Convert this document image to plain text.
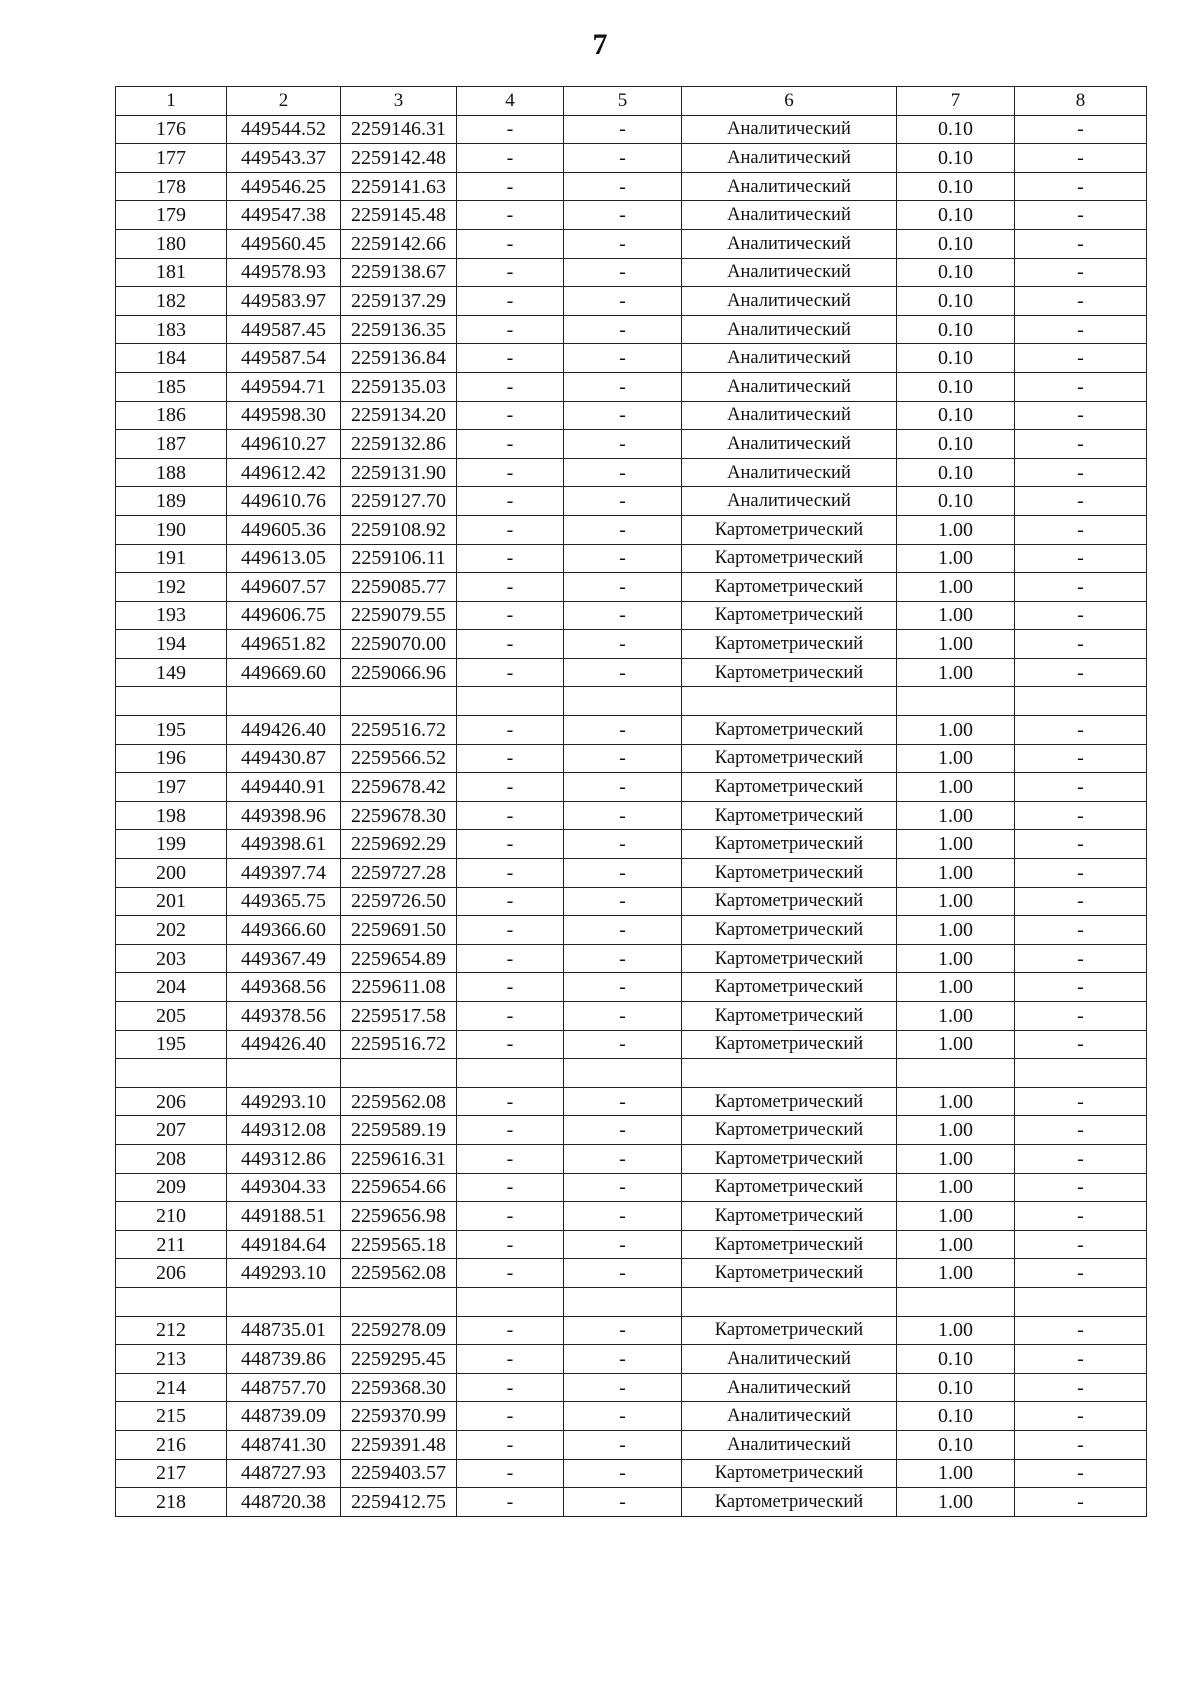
7
1	2	3	4	5	6	7	8
176	449544.52	2259146.31	-	-	Аналитический	0.10	-
177	449543.37	2259142.48	-	-	Аналитический	0.10	-
178	449546.25	2259141.63	-	-	Аналитический	0.10	-
179	449547.38	2259145.48	-	-	Аналитический	0.10	-
180	449560.45	2259142.66	-	-	Аналитический	0.10	-
181	449578.93	2259138.67	-	-	Аналитический	0.10	-
182	449583.97	2259137.29	-	-	Аналитический	0.10	-
183	449587.45	2259136.35	-	-	Аналитический	0.10	-
184	449587.54	2259136.84	-	-	Аналитический	0.10	-
185	449594.71	2259135.03	-	-	Аналитический	0.10	-
186	449598.30	2259134.20	-	-	Аналитический	0.10	-
187	449610.27	2259132.86	-	-	Аналитический	0.10	-
188	449612.42	2259131.90	-	-	Аналитический	0.10	-
189	449610.76	2259127.70	-	-	Аналитический	0.10	-
190	449605.36	2259108.92	-	-	Картометрический	1.00	-
191	449613.05	2259106.11	-	-	Картометрический	1.00	-
192	449607.57	2259085.77	-	-	Картометрический	1.00	-
193	449606.75	2259079.55	-	-	Картометрический	1.00	-
194	449651.82	2259070.00	-	-	Картометрический	1.00	-
149	449669.60	2259066.96	-	-	Картометрический	1.00	-

195	449426.40	2259516.72	-	-	Картометрический	1.00	-
196	449430.87	2259566.52	-	-	Картометрический	1.00	-
197	449440.91	2259678.42	-	-	Картометрический	1.00	-
198	449398.96	2259678.30	-	-	Картометрический	1.00	-
199	449398.61	2259692.29	-	-	Картометрический	1.00	-
200	449397.74	2259727.28	-	-	Картометрический	1.00	-
201	449365.75	2259726.50	-	-	Картометрический	1.00	-
202	449366.60	2259691.50	-	-	Картометрический	1.00	-
203	449367.49	2259654.89	-	-	Картометрический	1.00	-
204	449368.56	2259611.08	-	-	Картометрический	1.00	-
205	449378.56	2259517.58	-	-	Картометрический	1.00	-
195	449426.40	2259516.72	-	-	Картометрический	1.00	-

206	449293.10	2259562.08	-	-	Картометрический	1.00	-
207	449312.08	2259589.19	-	-	Картометрический	1.00	-
208	449312.86	2259616.31	-	-	Картометрический	1.00	-
209	449304.33	2259654.66	-	-	Картометрический	1.00	-
210	449188.51	2259656.98	-	-	Картометрический	1.00	-
211	449184.64	2259565.18	-	-	Картометрический	1.00	-
206	449293.10	2259562.08	-	-	Картометрический	1.00	-

212	448735.01	2259278.09	-	-	Картометрический	1.00	-
213	448739.86	2259295.45	-	-	Аналитический	0.10	-
214	448757.70	2259368.30	-	-	Аналитический	0.10	-
215	448739.09	2259370.99	-	-	Аналитический	0.10	-
216	448741.30	2259391.48	-	-	Аналитический	0.10	-
217	448727.93	2259403.57	-	-	Картометрический	1.00	-
218	448720.38	2259412.75	-	-	Картометрический	1.00	-
